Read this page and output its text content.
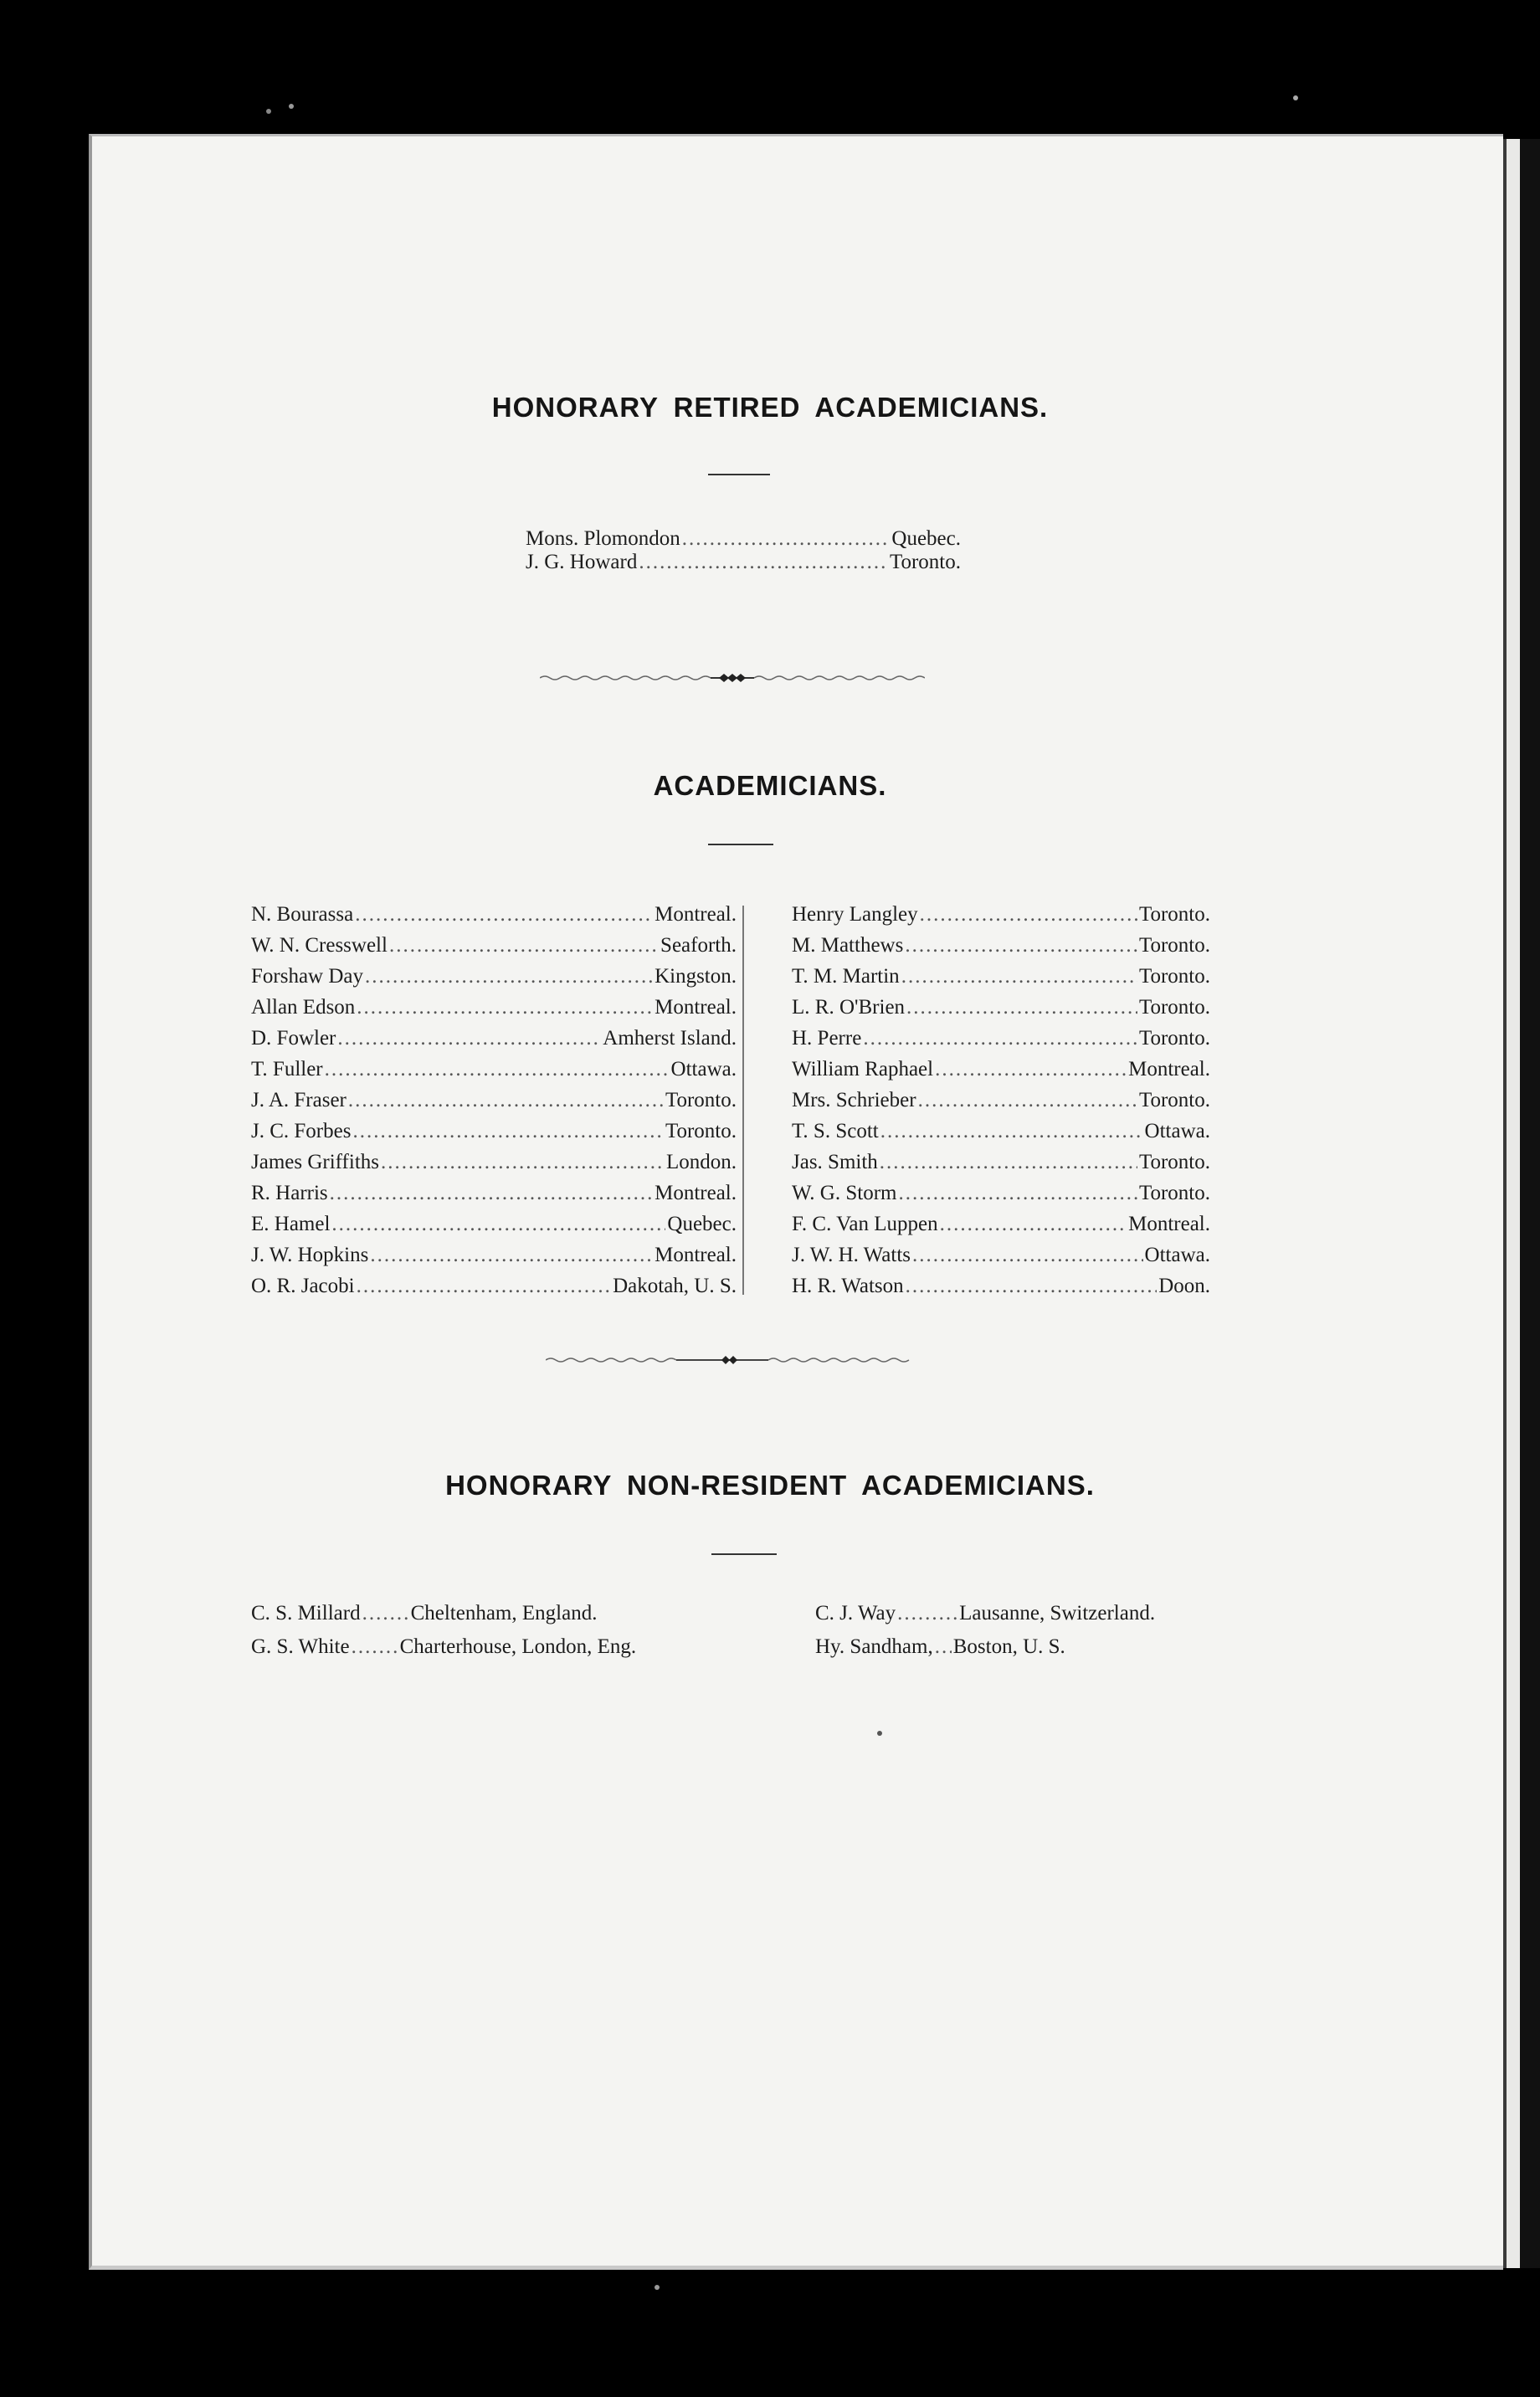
HONORARY RETIRED ACADEMICIANS.
Mons. Plomondon .....	Quebec.
J. G. Howard .....	Toronto.
ACADEMICIANS.
N. Bourassa .....	Montreal.
W. N. Cresswell .....	Seaforth.
Forshaw Day .....	Kingston.
Allan Edson .....	Montreal.
D. Fowler .....	Amherst Island.
T. Fuller .....	Ottawa.
J. A. Fraser .....	Toronto.
J. C. Forbes .....	Toronto.
James Griffiths .....	London.
R. Harris .....	Montreal.
E. Hamel .....	Quebec.
J. W. Hopkins .....	Montreal.
O. R. Jacobi .....	Dakotah, U. S.
Henry Langley .....	Toronto.
M. Matthews .....	Toronto.
T. M. Martin .....	Toronto.
L. R. O'Brien .....	Toronto.
H. Perre .....	Toronto.
William Raphael .....	Montreal.
Mrs. Schrieber .....	Toronto.
T. S. Scott .....	Ottawa.
Jas. Smith .....	Toronto.
W. G. Storm .....	Toronto.
F. C. Van Luppen .....	Montreal.
J. W. H. Watts .....	Ottawa.
H. R. Watson .....	Doon.
HONORARY NON-RESIDENT ACADEMICIANS.
C. S. Millard ..... Cheltenham, England.
G. S. White ..... Charterhouse, London, Eng.
C. J. Way .....	Lausanne, Switzerland.
Hy. Sandham, ..... Boston, U. S.
